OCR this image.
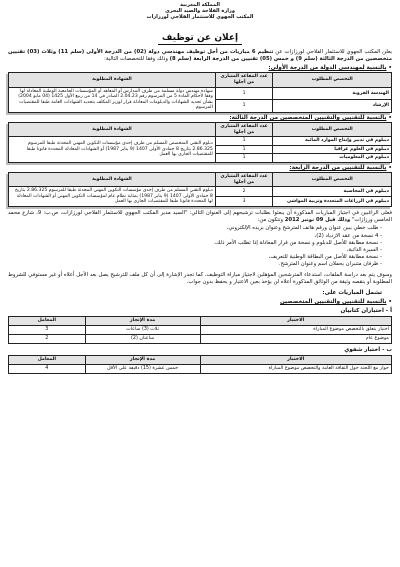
المملكة المغربية
وزارة الفلاحة والصيد البحري
المكتب الجهوي للاستثمار الفلاحي لورزازات
إعلان عن توظيف
يعلن المكتب الجهوي للاستثمار الفلاحي لورزازات عن تنظيم 6 مباريات من أجل توظيف مهندسي دولة (02) من الدرجة الأولى (سلم 11) وثلاث (03) تقنيين متخصصين من الدرجة الثالثة (سلم 9) و خمس (05) تقنيين من الدرجة الرابعة (سلم 8) وذلك وفقا للتخصصات التالية:
• بالنسبة لمهندسي الدولة من الدرجة الأولى:
التخصص المطلوب	عدد المقاعد المتبارى من أجلها	الشهادة المطلوبة
الهندسة القروية	1	شهادة مهندس دولة مسلمة من طرف المدارس أو المعاهد أو المؤسسات الجامعية الوطنية المعادلة لها وفقا لأحكام المادة 5 من المرسوم رقم 2.04.23 الصادر في 14 من ربيع الأول 1425 (04 مايو 2004) بشأن تحديد الشهادات والدبلومات المعادلة قرار لوزير المكلف بتحديد الشهادات العامة طبقا للمقتضيات المرسوم
الإرشاد	1	
• بالنسبة للتقنيين والتقنيين المتخصصين من الدرجة الثالثة:
التخصص المطلوب	عدد المقاعد المتبارى من أجلها	الشهادة المطلوبة
ديبلوم في تدبير وإنتاج الموارد المائية	1	دبلوم التقني المتخصص المسلم من طرف إحدى مؤسسات التكوين المهني المحدثة طبقا للمرسوم 2.86.325 بتاريخ 8 جمادى الأولى 1407 (9 يناير 1987) أو الشهادات المعادلة المحددة قانونا طبقا للمقتضيات الجاري بها العمل
ديبلوم في العلوم غرافيا	1	
ديبلوم في المعلوميات	1	
• بالنسبة للتقنيين من الدرجة الرابعة:
التخصص المطلوب	عدد المقاعد المتبارى من أجلها	الشهادة المطلوبة
ديبلوم في المحاسبة	2	دبلوم التقني المسلم من طرف إحدى مؤسسات التكوين المهني المحدثة طبقا للمرسوم 2.86.325 بتاريخ 8 جمادى الأولى 1407 (9 يناير 1987) بمثابة نظام عام لمؤسسات التكوين المهني أو الشهادات المعادلة لها المحددة قانونا طبقا للمقتضيات الجاري بها العمل
ديبلوم في الزراعات المتعددة وتربية المواشي	3	
فعلى الراغبين في اجتياز المباريات المذكورة أن يبعثوا بطلبات ترشيحهم إلى العنوان التالي: "السيد مدير المكتب الجهوي للاستثمار الفلاحي لورزازات، ص.ب: 9، شارع محمد الخامس ورزازات" وذلك قبل 09 نونبر 2012 وتتكون من:
- طلب خطي يبين عنوان ورقم هاتف المترشح وعنوان بريده الإلكتروني،
- 4 نسخة من عقد الازدياد (2)،
- نسخة مطابقة للأصل للدبلوم و نسخة من قرار المعادلة إذا تطلب الأمر ذلك،
- السيرة الذاتية،
- نسخة مطابقة للأصل من البطاقة الوطنية للتعريف،
- ظرفان متنبران يحملان اسم وعنوان المترشح.
وسوف يتم بعد دراسة الملفات، استدعاء المترشحين المؤهلين لاجتياز مباراة التوظيف، كما تجدر الإشارة إلى أن كل ملف للترشيح يصل بعد الأجل أعلاه أو غير مستوفي للشروط المطلوبة أو ينقصه وثيقة من الوثائق المذكورة أعلاه لن يؤخذ بعين الاعتبار و يحفظ بدون جواب.
تشمل المباريات على:
• بالنسبة للتقنيين والتقنيين المتخصصين
أ - اختباران كتابيان
الاختبار	مدة الإنجاز	المعامل
اختبار يتعلق بالتخصص موضوع المباراة	ثلاث (3) ساعات	3
موضوع عام	ساعتان (2)	2
ب - اختبار شفوي
الاختبار	مدة الإنجاز	المعامل
حوار مع اللجنة حول الثقافة العامة والتخصص موضوع المباراة	خمس عشرة (15) دقيقة على الأقل	4
